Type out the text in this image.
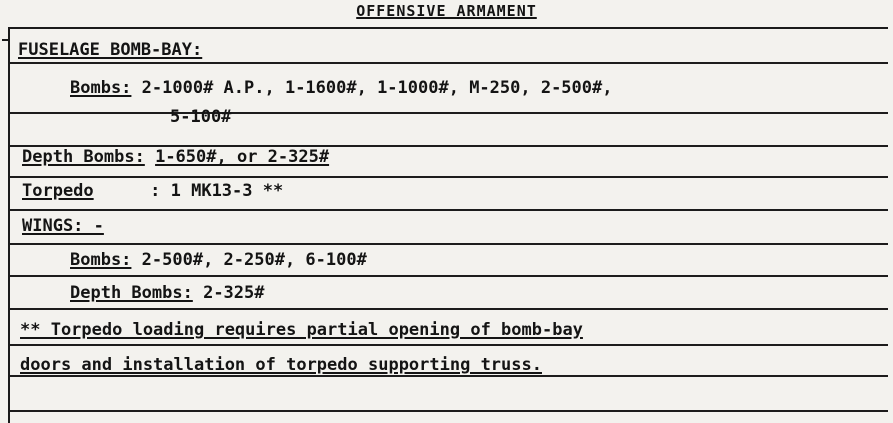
OFFENSIVE ARMAMENT
FUSELAGE BOMB-BAY:
Bombs: 2-1000# A.P., 1-1600#, 1-1000#, M-250, 2-500#,
5-100#
Depth Bombs: 1-650#, or 2-325#
Torpedo	: 1 MK13-3 **
WINGS: -
Bombs: 2-500#, 2-250#, 6-100#
Depth Bombs: 2-325#
** Torpedo loading requires partial opening of bomb-bay
doors and installation of torpedo supporting truss.
